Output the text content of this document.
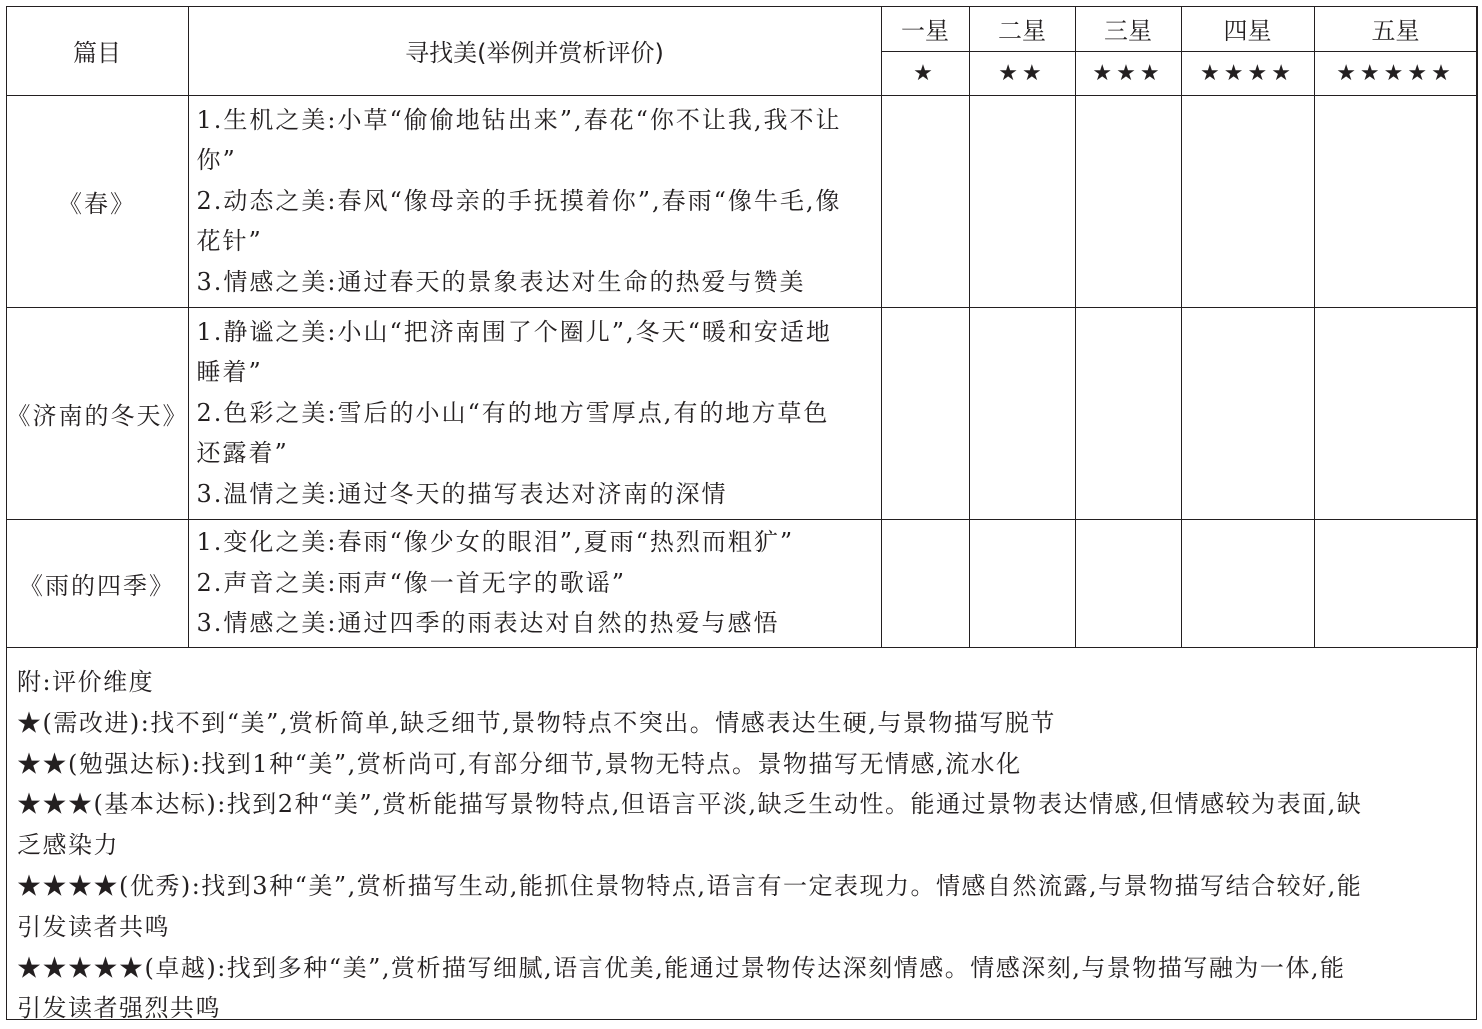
篇目	寻找美(举例并赏析评价)	一星	二星	三星	四星	五星
		★	★★	★★★	★★★★	★★★★★
《春》	1.生机之美:小草“偷偷地钻出来”,春花“你不让我,我不让
你”
2.动态之美:春风“像母亲的手抚摸着你”,春雨“像牛毛,像
花针”
3.情感之美:通过春天的景象表达对生命的热爱与赞美					

《济南的冬天》	1.静谧之美:小山“把济南围了个圈儿”,冬天“暖和安适地
睡着”
2.色彩之美:雪后的小山“有的地方雪厚点,有的地方草色
还露着”
3.温情之美:通过冬天的描写表达对济南的深情					

《雨的四季》	1.变化之美:春雨“像少女的眼泪”,夏雨“热烈而粗犷”
2.声音之美:雨声“像一首无字的歌谣”
3.情感之美:通过四季的雨表达对自然的热爱与感悟					

附:评价维度
★(需改进):找不到“美”,赏析简单,缺乏细节,景物特点不突出。情感表达生硬,与景物描写脱节
★★(勉强达标):找到1种“美”,赏析尚可,有部分细节,景物无特点。景物描写无情感,流水化
★★★(基本达标):找到2种“美”,赏析能描写景物特点,但语言平淡,缺乏生动性。能通过景物表达情感,但情感较为表面,缺
乏感染力
★★★★(优秀):找到3种“美”,赏析描写生动,能抓住景物特点,语言有一定表现力。情感自然流露,与景物描写结合较好,能
引发读者共鸣
★★★★★(卓越):找到多种“美”,赏析描写细腻,语言优美,能通过景物传达深刻情感。情感深刻,与景物描写融为一体,能
引发读者强烈共鸣
